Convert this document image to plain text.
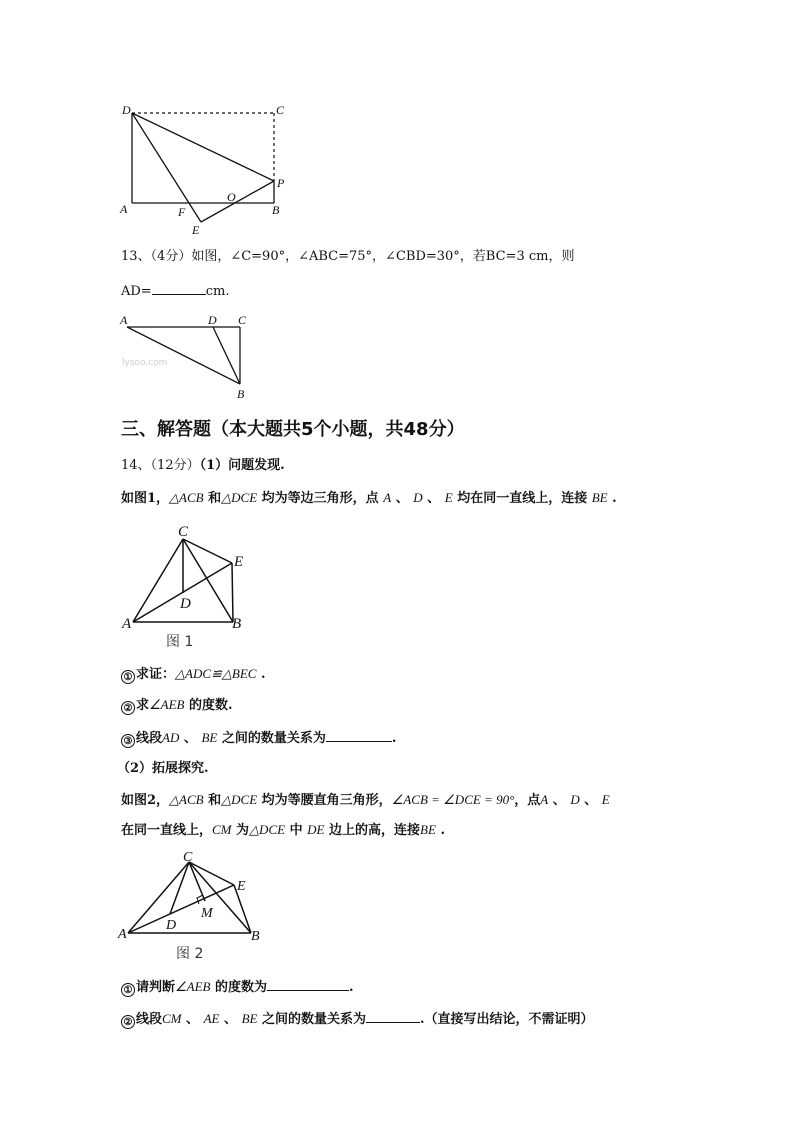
D	C
P
O
A	F	B
E
13、（4分）如图，∠C=90°，∠ABC=75°，∠CBD=30°，若BC=3 cm，则
AD=	cm.
A	D C
B
lysoo.com
三、解答题（本大题共5个小题，共48分）
14、（12分）（1）问题发现.
如图1，△ACB 和△DCE 均为等边三角形，点 A 、 D 、 E 均在同一直线上，连接 BE .
C
E
D
A	B
图 1
① 求证：△ADC≌△BEC .
② 求∠AEB 的度数.
③ 线段AD 、 BE 之间的数量关系为	.
（2）拓展探究.
如图2，△ACB 和△DCE 均为等腰直角三角形，∠ACB = ∠DCE = 90°，点A 、 D 、 E
在同一直线上，CM 为△DCE 中 DE 边上的高，连接BE .
C
E
M
D
A	B
图 2
① 请判断∠AEB 的度数为	.
② 线段CM 、 AE 、 BE 之间的数量关系为	.（直接写出结论，不需证明）
